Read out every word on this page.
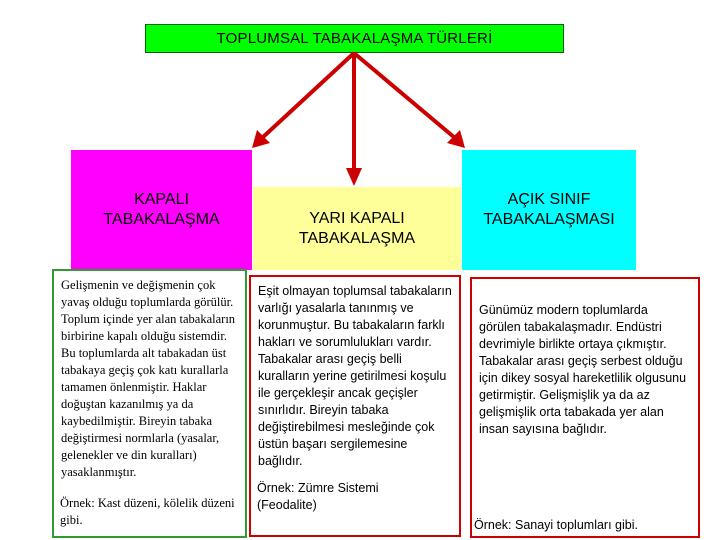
TOPLUMSAL TABAKALAŞMA TÜRLERİ
KAPALI TABAKALAŞMA	YARI KAPALI TABAKALAŞMA
AÇIK SINIF TABAKALAŞMASI

Gelişmenin ve değişmenin çok yavaş olduğu toplumlarda görülür. Toplum içinde yer alan tabakaların birbirine kapalı olduğu sistemdir. Bu toplumlarda alt tabakadan üst tabakaya geçiş çok katı kurallarla tamamen önlenmiştir. Haklar doğuştan kazanılmış ya da kaybedilmiştir. Bireyin tabaka değiştirmesi normlarla (yasalar, gelenekler ve din kuralları) yasaklanmıştır.

Örnek: Kast düzeni, kölelik düzeni gibi.

Eşit olmayan toplumsal tabakaların varlığı yasalarla tanınmış ve korunmuştur. Bu tabakaların farklı hakları ve sorumlulukları vardır. Tabakalar arası geçiş belli kuralların yerine getirilmesi koşulu ile gerçekleşir ancak geçişler sınırlıdır. Bireyin tabaka değiştirebilmesi mesleğinde çok üstün başarı sergilemesine bağlıdır.

Örnek: Zümre Sistemi (Feodalite)

Günümüz modern toplumlarda görülen tabakalaşmadır. Endüstri devrimiyle birlikte ortaya çıkmıştır. Tabakalar arası geçiş serbest olduğu için dikey sosyal hareketlilik olgusunu getirmiştir. Gelişmişlik ya da az gelişmişlik orta tabakada yer alan insan sayısına bağlıdır.

Örnek: Sanayi toplumları gibi.
